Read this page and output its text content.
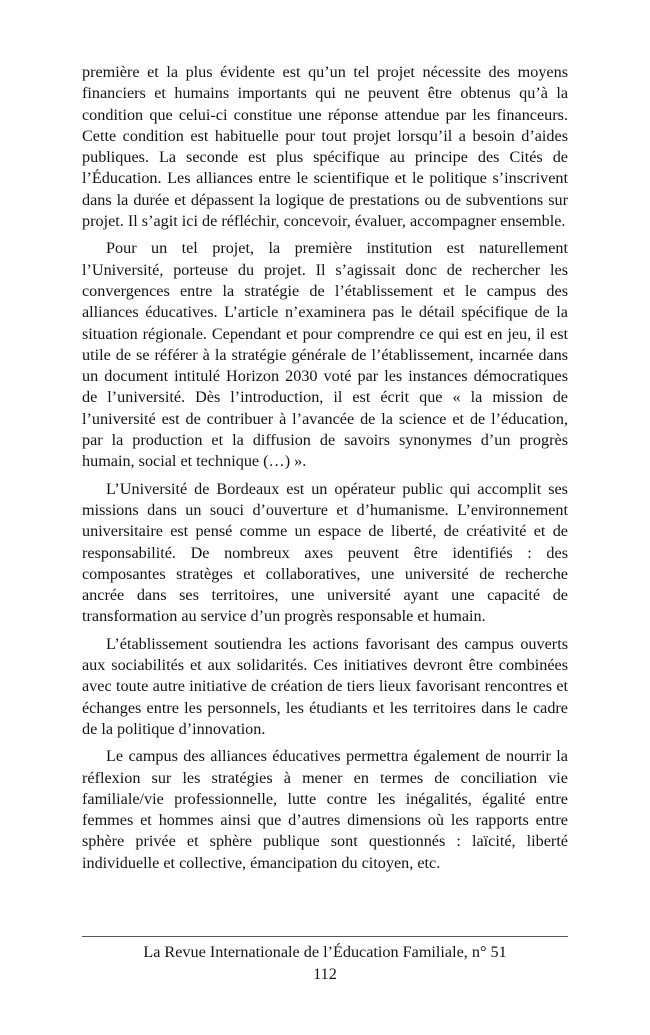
première et la plus évidente est qu’un tel projet nécessite des moyens financiers et humains importants qui ne peuvent être obtenus qu’à la condition que celui-ci constitue une réponse attendue par les financeurs. Cette condition est habituelle pour tout projet lorsqu’il a besoin d’aides publiques. La seconde est plus spécifique au principe des Cités de l’Éducation. Les alliances entre le scientifique et le politique s’inscrivent dans la durée et dépassent la logique de prestations ou de subventions sur projet. Il s’agit ici de réfléchir, concevoir, évaluer, accompagner ensemble.

Pour un tel projet, la première institution est naturellement l’Université, porteuse du projet. Il s’agissait donc de rechercher les convergences entre la stratégie de l’établissement et le campus des alliances éducatives. L’article n’examinera pas le détail spécifique de la situation régionale. Cependant et pour comprendre ce qui est en jeu, il est utile de se référer à la stratégie générale de l’établissement, incarnée dans un document intitulé Horizon 2030 voté par les instances démocratiques de l’université. Dès l’introduction, il est écrit que « la mission de l’université est de contribuer à l’avancée de la science et de l’éducation, par la production et la diffusion de savoirs synonymes d’un progrès humain, social et technique (…) ».

L’Université de Bordeaux est un opérateur public qui accomplit ses missions dans un souci d’ouverture et d’humanisme. L’environnement universitaire est pensé comme un espace de liberté, de créativité et de responsabilité. De nombreux axes peuvent être identifiés : des composantes stratèges et collaboratives, une université de recherche ancrée dans ses territoires, une université ayant une capacité de transformation au service d’un progrès responsable et humain.

L’établissement soutiendra les actions favorisant des campus ouverts aux sociabilités et aux solidarités. Ces initiatives devront être combinées avec toute autre initiative de création de tiers lieux favorisant rencontres et échanges entre les personnels, les étudiants et les territoires dans le cadre de la politique d’innovation.

Le campus des alliances éducatives permettra également de nourrir la réflexion sur les stratégies à mener en termes de conciliation vie familiale/vie professionnelle, lutte contre les inégalités, égalité entre femmes et hommes ainsi que d’autres dimensions où les rapports entre sphère privée et sphère publique sont questionnés : laïcité, liberté individuelle et collective, émancipation du citoyen, etc.

La Revue Internationale de l’Éducation Familiale, n° 51
112
